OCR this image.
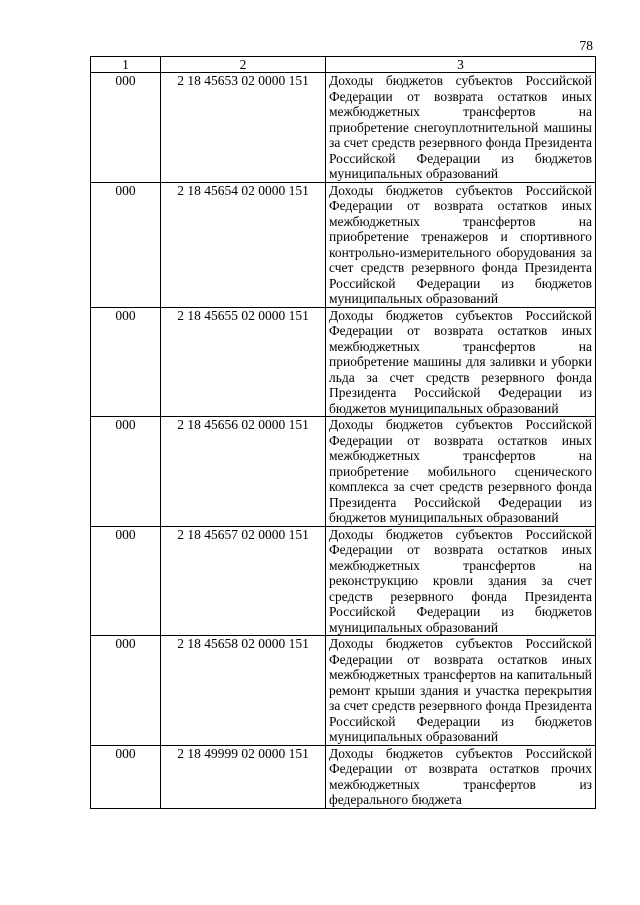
78
1	2	3
000	2 18 45653 02 0000 151	Доходы бюджетов субъектов Российской Федерации от возврата остатков иных межбюджетных трансфертов на приобретение снегоуплотнительной машины за счет средств резервного фонда Президента Российской Федерации из бюджетов муниципальных образований
000	2 18 45654 02 0000 151	Доходы бюджетов субъектов Российской Федерации от возврата остатков иных межбюджетных трансфертов на приобретение тренажеров и спортивного контрольно-измерительного оборудования за счет средств резервного фонда Президента Российской Федерации из бюджетов муниципальных образований
000	2 18 45655 02 0000 151	Доходы бюджетов субъектов Российской Федерации от возврата остатков иных межбюджетных трансфертов на приобретение машины для заливки и уборки льда за счет средств резервного фонда Президента Российской Федерации из бюджетов муниципальных образований
000	2 18 45656 02 0000 151	Доходы бюджетов субъектов Российской Федерации от возврата остатков иных межбюджетных трансфертов на приобретение мобильного сценического комплекса за счет средств резервного фонда Президента Российской Федерации из бюджетов муниципальных образований
000	2 18 45657 02 0000 151	Доходы бюджетов субъектов Российской Федерации от возврата остатков иных межбюджетных трансфертов на реконструкцию кровли здания за счет средств резервного фонда Президента Российской Федерации из бюджетов муниципальных образований
000	2 18 45658 02 0000 151	Доходы бюджетов субъектов Российской Федерации от возврата остатков иных межбюджетных трансфертов на капитальный ремонт крыши здания и участка перекрытия за счет средств резервного фонда Президента Российской Федерации из бюджетов муниципальных образований
000	2 18 49999 02 0000 151	Доходы бюджетов субъектов Российской Федерации от возврата остатков прочих межбюджетных трансфертов из федерального бюджета
